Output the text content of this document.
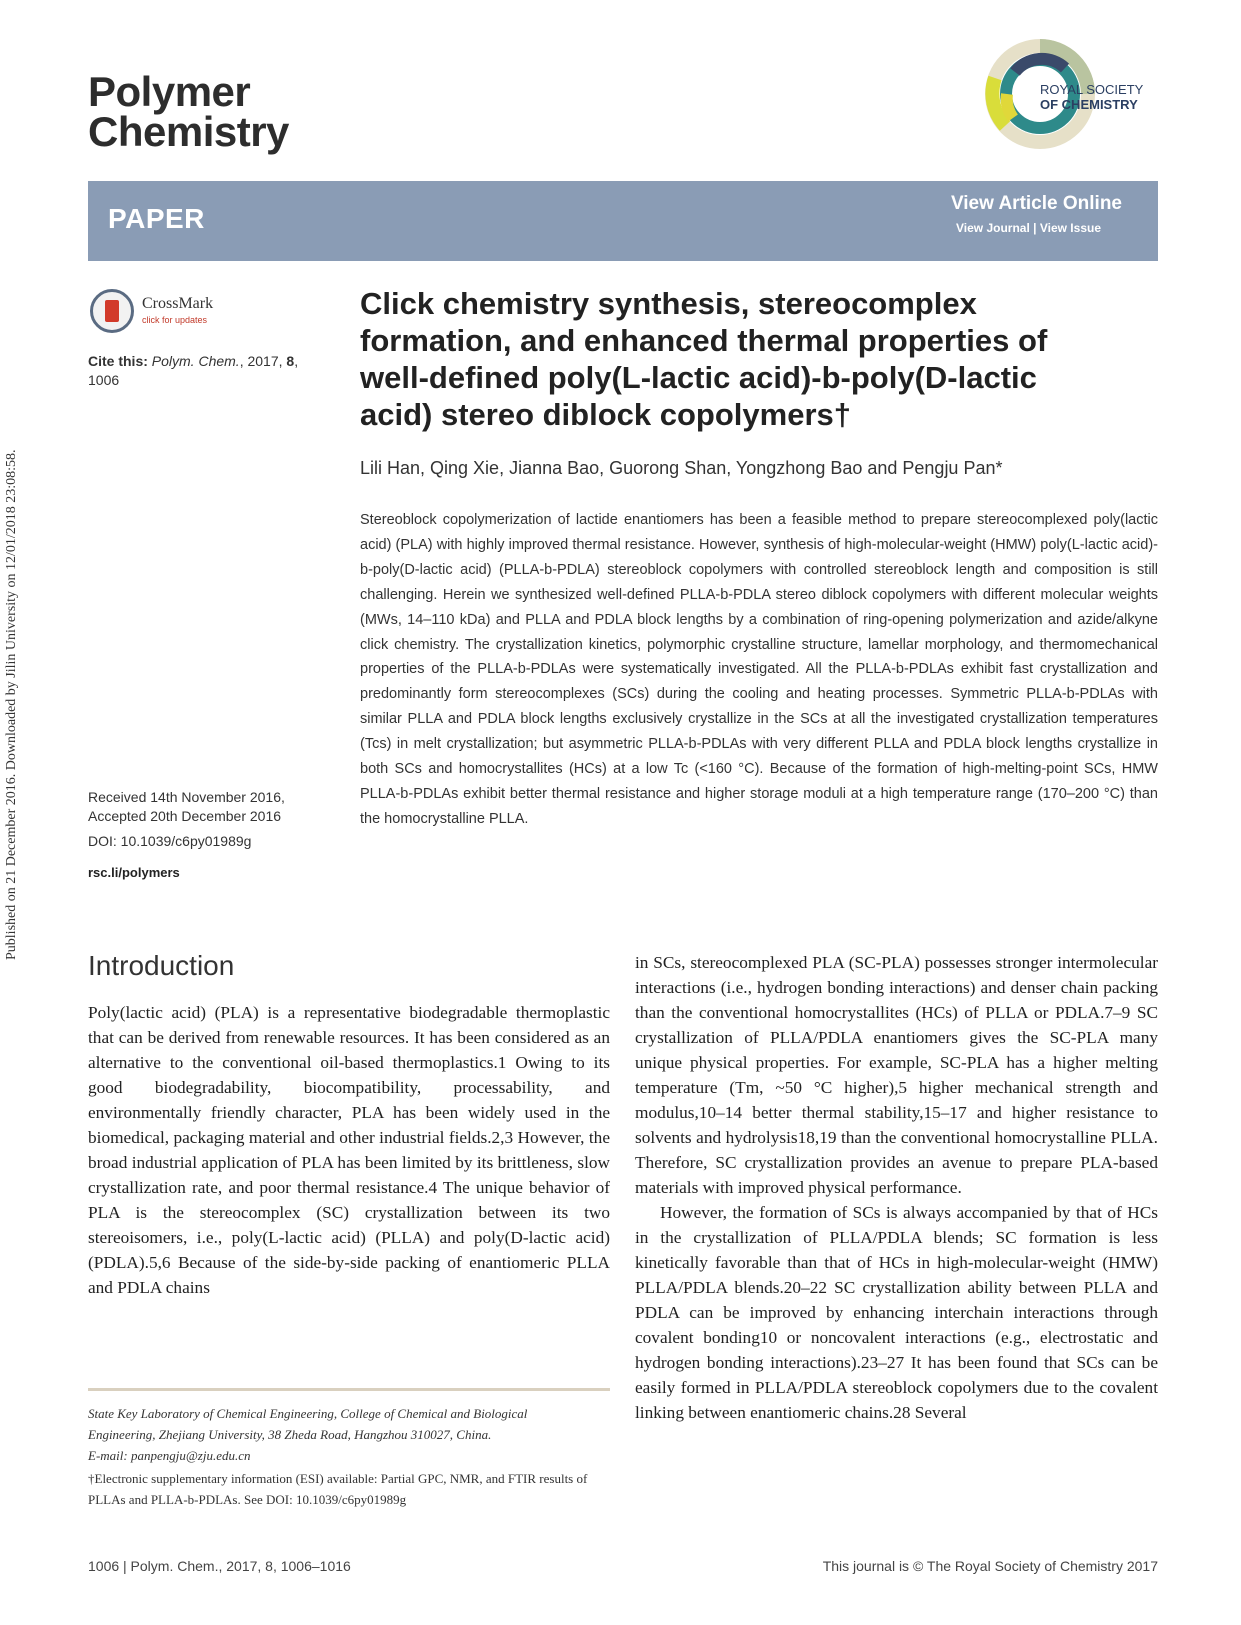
Polymer
Chemistry
ROYAL SOCIETY
OF CHEMISTRY
PAPER	View Article Online
View Journal | View Issue
CrossMark
click for updates
Cite this: Polym. Chem., 2017, 8, 1006
Received 14th November 2016,
Accepted 20th December 2016
DOI: 10.1039/c6py01989g
rsc.li/polymers
Published on 21 December 2016. Downloaded by Jilin University on 12/01/2018 23:08:58.
Click chemistry synthesis, stereocomplex
formation, and enhanced thermal properties of
well-defined poly(L-lactic acid)-b-poly(D-lactic
acid) stereo diblock copolymers†
Lili Han, Qing Xie, Jianna Bao, Guorong Shan, Yongzhong Bao and Pengju Pan*
Stereoblock copolymerization of lactide enantiomers has been a feasible method to prepare stereocomplexed poly(lactic acid) (PLA) with highly improved thermal resistance. However, synthesis of high-molecular-weight (HMW) poly(L-lactic acid)-b-poly(D-lactic acid) (PLLA-b-PDLA) stereoblock copolymers with controlled stereoblock length and composition is still challenging. Herein we synthesized well-defined PLLA-b-PDLA stereo diblock copolymers with different molecular weights (MWs, 14–110 kDa) and PLLA and PDLA block lengths by a combination of ring-opening polymerization and azide/alkyne click chemistry. The crystallization kinetics, polymorphic crystalline structure, lamellar morphology, and thermomechanical properties of the PLLA-b-PDLAs were systematically investigated. All the PLLA-b-PDLAs exhibit fast crystallization and predominantly form stereocomplexes (SCs) during the cooling and heating processes. Symmetric PLLA-b-PDLAs with similar PLLA and PDLA block lengths exclusively crystallize in the SCs at all the investigated crystallization temperatures (Tcs) in melt crystallization; but asymmetric PLLA-b-PDLAs with very different PLLA and PDLA block lengths crystallize in both SCs and homocrystallites (HCs) at a low Tc (<160 °C). Because of the formation of high-melting-point SCs, HMW PLLA-b-PDLAs exhibit better thermal resistance and higher storage moduli at a high temperature range (170–200 °C) than the homocrystalline PLLA.
Introduction

Poly(lactic acid) (PLA) is a representative biodegradable thermoplastic that can be derived from renewable resources. It has been considered as an alternative to the conventional oil-based thermoplastics.1 Owing to its good biodegradability, biocompatibility, processability, and environmentally friendly character, PLA has been widely used in the biomedical, packaging material and other industrial fields.2,3 However, the broad industrial application of PLA has been limited by its brittleness, slow crystallization rate, and poor thermal resistance.4 The unique behavior of PLA is the stereocomplex (SC) crystallization between its two stereoisomers, i.e., poly(L-lactic acid) (PLLA) and poly(D-lactic acid) (PDLA).5,6 Because of the side-by-side packing of enantiomeric PLLA and PDLA chains

in SCs, stereocomplexed PLA (SC-PLA) possesses stronger intermolecular interactions (i.e., hydrogen bonding interactions) and denser chain packing than the conventional homocrystallites (HCs) of PLLA or PDLA.7–9 SC crystallization of PLLA/PDLA enantiomers gives the SC-PLA many unique physical properties. For example, SC-PLA has a higher melting temperature (Tm, ~50 °C higher),5 higher mechanical strength and modulus,10–14 better thermal stability,15–17 and higher resistance to solvents and hydrolysis18,19 than the conventional homocrystalline PLLA. Therefore, SC crystallization provides an avenue to prepare PLA-based materials with improved physical performance.

However, the formation of SCs is always accompanied by that of HCs in the crystallization of PLLA/PDLA blends; SC formation is less kinetically favorable than that of HCs in high-molecular-weight (HMW) PLLA/PDLA blends.20–22 SC crystallization ability between PLLA and PDLA can be improved by enhancing interchain interactions through covalent bonding10 or noncovalent interactions (e.g., electrostatic and hydrogen bonding interactions).23–27 It has been found that SCs can be easily formed in PLLA/PDLA stereoblock copolymers due to the covalent linking between enantiomeric chains.28 Several

State Key Laboratory of Chemical Engineering, College of Chemical and Biological
Engineering, Zhejiang University, 38 Zheda Road, Hangzhou 310027, China.
E-mail: panpengju@zju.edu.cn
†Electronic supplementary information (ESI) available: Partial GPC, NMR, and FTIR results of PLLAs and PLLA-b-PDLAs. See DOI: 10.1039/c6py01989g
1006 | Polym. Chem., 2017, 8, 1006–1016	This journal is © The Royal Society of Chemistry 2017
